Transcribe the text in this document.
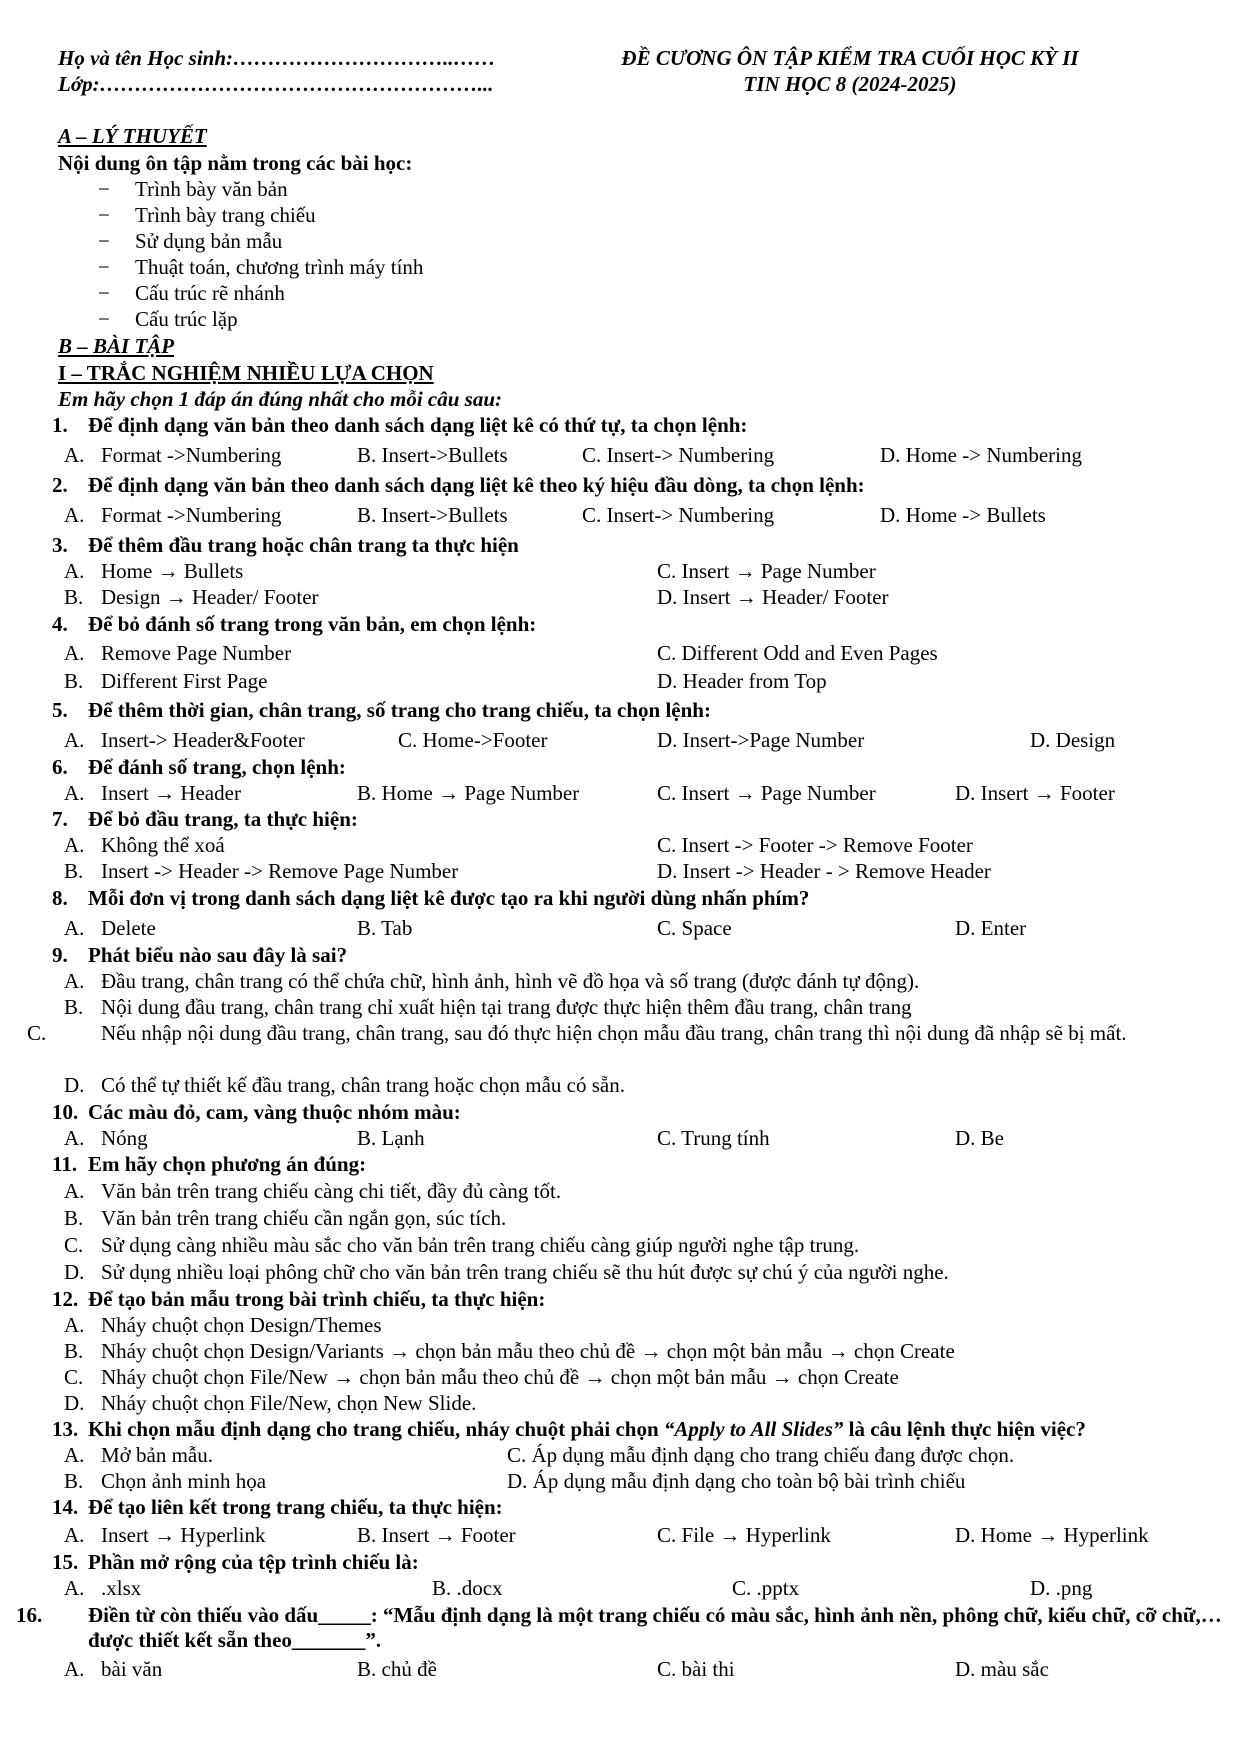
Họ và tên Học sinh:…………………………..……
Lớp:………………………………………………...
ĐỀ CƯƠNG ÔN TẬP KIỂM TRA CUỐI HỌC KỲ II
TIN HỌC 8 (2024-2025)
A – LÝ THUYẾT
Nội dung ôn tập nằm trong các bài học:
− Trình bày văn bản
− Trình bày trang chiếu
− Sử dụng bản mẫu
− Thuật toán, chương trình máy tính
− Cấu trúc rẽ nhánh
− Cấu trúc lặp
B – BÀI TẬP
I – TRẮC NGHIỆM NHIỀU LỰA CHỌN
Em hãy chọn 1 đáp án đúng nhất cho mỗi câu sau:
1. Để định dạng văn bản theo danh sách dạng liệt kê có thứ tự, ta chọn lệnh:
A. Format ->Numbering	B. Insert->Bullets	C. Insert-> Numbering	D. Home -> Numbering
2. Để định dạng văn bản theo danh sách dạng liệt kê theo ký hiệu đầu dòng, ta chọn lệnh:
A. Format ->Numbering	B. Insert->Bullets	C. Insert-> Numbering	D. Home -> Bullets
3. Để thêm đầu trang hoặc chân trang ta thực hiện
A. Home → Bullets	C. Insert → Page Number
B. Design → Header/ Footer	D. Insert → Header/ Footer
4. Để bỏ đánh số trang trong văn bản, em chọn lệnh:
A. Remove Page Number	C. Different Odd and Even Pages
B. Different First Page	D. Header from Top
5. Để thêm thời gian, chân trang, số trang cho trang chiếu, ta chọn lệnh:
A. Insert-> Header&Footer	C. Home->Footer	D. Insert->Page Number	D. Design
6. Để đánh số trang, chọn lệnh:
A. Insert → Header	B. Home → Page Number	C. Insert → Page Number	D. Insert → Footer
7. Để bỏ đầu trang, ta thực hiện:
A. Không thể xoá	C. Insert -> Footer -> Remove Footer
B. Insert -> Header -> Remove Page Number	D. Insert -> Header - > Remove Header
8. Mỗi đơn vị trong danh sách dạng liệt kê được tạo ra khi người dùng nhấn phím?
A. Delete	B. Tab	C. Space	D. Enter
9. Phát biểu nào sau đây là sai?
A. Đầu trang, chân trang có thể chứa chữ, hình ảnh, hình vẽ đồ họa và số trang (được đánh tự động).
B. Nội dung đầu trang, chân trang chỉ xuất hiện tại trang được thực hiện thêm đầu trang, chân trang
C.	Nếu nhập nội dung đầu trang, chân trang, sau đó thực hiện chọn mẫu đầu trang, chân trang thì nội dung đã nhập sẽ bị mất.
D. Có thể tự thiết kế đầu trang, chân trang hoặc chọn mẫu có sẵn.
10. Các màu đỏ, cam, vàng thuộc nhóm màu:
A. Nóng	B. Lạnh	C. Trung tính	D. Be
11. Em hãy chọn phương án đúng:
A. Văn bản trên trang chiếu càng chi tiết, đầy đủ càng tốt.
B. Văn bản trên trang chiếu cần ngắn gọn, súc tích.
C. Sử dụng càng nhiều màu sắc cho văn bản trên trang chiếu càng giúp người nghe tập trung.
D. Sử dụng nhiều loại phông chữ cho văn bản trên trang chiếu sẽ thu hút được sự chú ý của người nghe.
12. Để tạo bản mẫu trong bài trình chiếu, ta thực hiện:
A. Nháy chuột chọn Design/Themes
B. Nháy chuột chọn Design/Variants → chọn bản mẫu theo chủ đề → chọn một bản mẫu → chọn Create
C. Nháy chuột chọn File/New → chọn bản mẫu theo chủ đề → chọn một bản mẫu → chọn Create
D. Nháy chuột chọn File/New, chọn New Slide.
13. Khi chọn mẫu định dạng cho trang chiếu, nháy chuột phải chọn “Apply to All Slides” là câu lệnh thực hiện việc?
A. Mở bản mẫu.	C. Áp dụng mẫu định dạng cho trang chiếu đang được chọn.
B. Chọn ảnh minh họa	D. Áp dụng mẫu định dạng cho toàn bộ bài trình chiếu
14. Để tạo liên kết trong trang chiếu, ta thực hiện:
A. Insert → Hyperlink	B. Insert → Footer	C. File → Hyperlink	D. Home → Hyperlink
15. Phần mở rộng của tệp trình chiếu là:
A. .xlsx	B. .docx	C. .pptx	D. .png
16. Điền từ còn thiếu vào dấu_____: “Mẫu định dạng là một trang chiếu có màu sắc, hình ảnh nền, phông chữ, kiểu chữ, cỡ chữ,… được thiết kết sẵn theo_______”.
A. bài văn	B. chủ đề	C. bài thi	D. màu sắc
